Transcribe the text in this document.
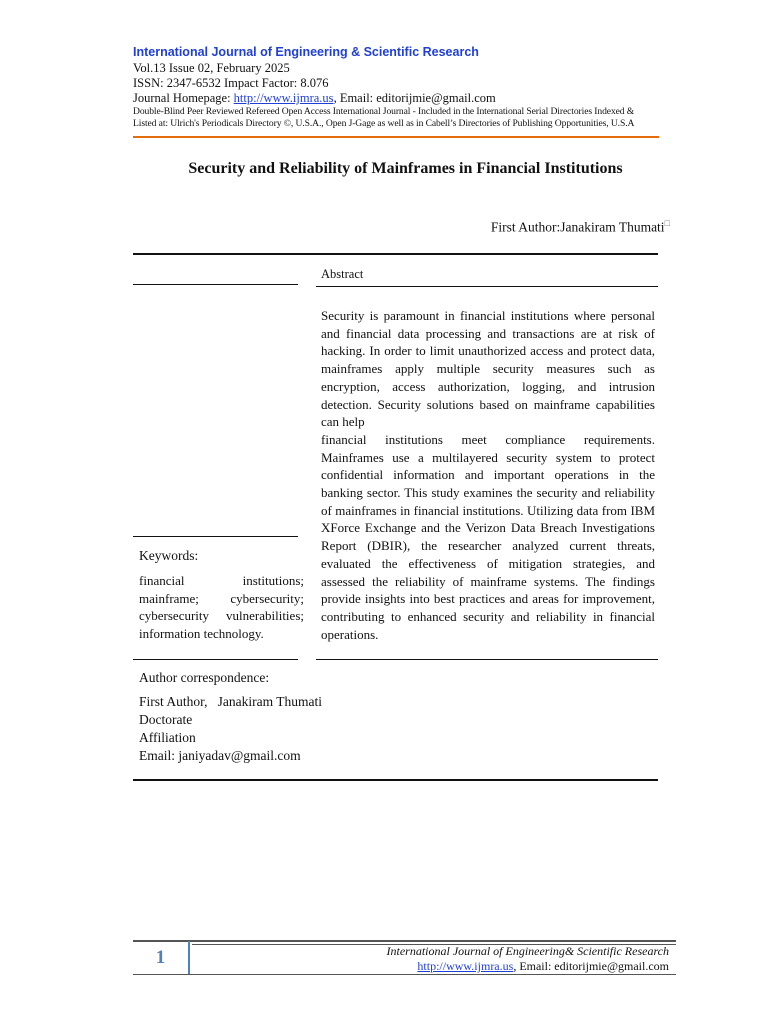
International Journal of Engineering & Scientific Research
Vol.13 Issue 02, February 2025
ISSN: 2347-6532 Impact Factor: 8.076
Journal Homepage: http://www.ijmra.us, Email: editorijmie@gmail.com
Double-Blind Peer Reviewed Refereed Open Access International Journal - Included in the International Serial Directories Indexed &
Listed at: Ulrich's Periodicals Directory ©, U.S.A., Open J-Gage as well as in Cabell’s Directories of Publishing Opportunities, U.S.A
Security and Reliability of Mainframes in Financial Institutions
First Author:Janakiram Thumati□
Abstract

Security is paramount in financial institutions where personal and financial data processing and transactions are at risk of hacking. In order to limit unauthorized access and protect data, mainframes apply multiple security measures such as encryption, access authorization, logging, and intrusion detection. Security solutions based on mainframe capabilities can help

financial institutions meet compliance requirements. Mainframes use a multilayered security system to protect confidential information and important operations in the banking sector. This study examines the security and reliability of mainframes in financial institutions. Utilizing data from IBM XForce Exchange and the Verizon Data Breach Investigations Report (DBIR), the researcher analyzed current threats, evaluated the effectiveness of mitigation strategies, and assessed the reliability of mainframe systems. The findings provide insights into best practices and areas for improvement, contributing to enhanced security and reliability in financial operations.

Keywords:

financial institutions; mainframe; cybersecurity; cybersecurity vulnerabilities; information technology.

Author correspondence:
First Author,   Janakiram Thumati
Doctorate
Affiliation
Email: janiyadav@gmail.com
1	International Journal of Engineering& Scientific Research
http://www.ijmra.us, Email: editorijmie@gmail.com
